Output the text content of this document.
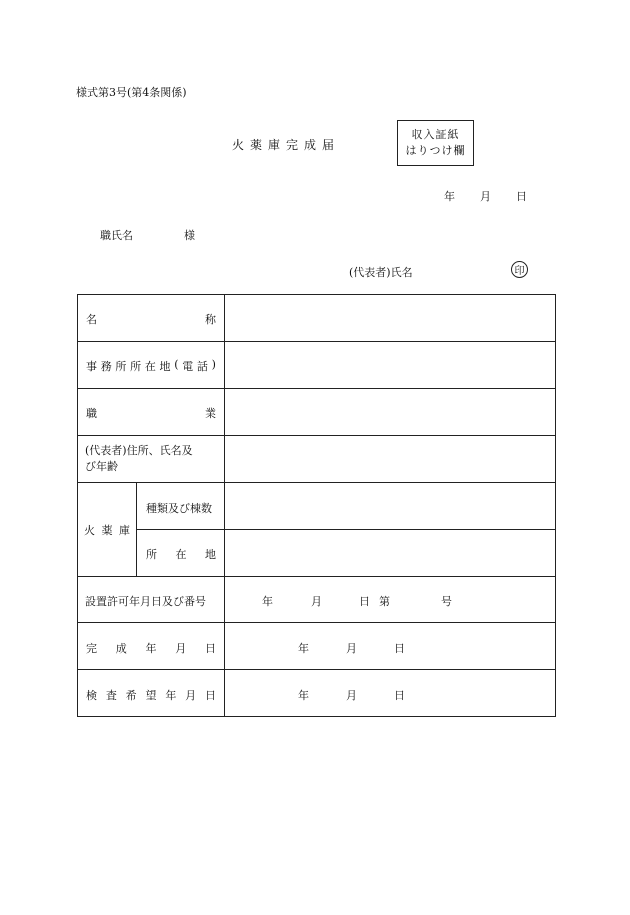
様式第3号(第4条関係)
火薬庫完成届
収入証紙
はりつけ欄
年 月 日
職氏名	様
(代表者)氏名	印
名	称
事 務 所 所 在 地 ( 電 話 )
職	業
(代表者)住所、氏名及
び年齢
火 薬 庫
種類及び棟数
所 在 地
設置許可年月日及び番号	年	月	日 第	号
完 成 年 月 日	年	月	日
検 査 希 望 年 月 日	年	月	日
